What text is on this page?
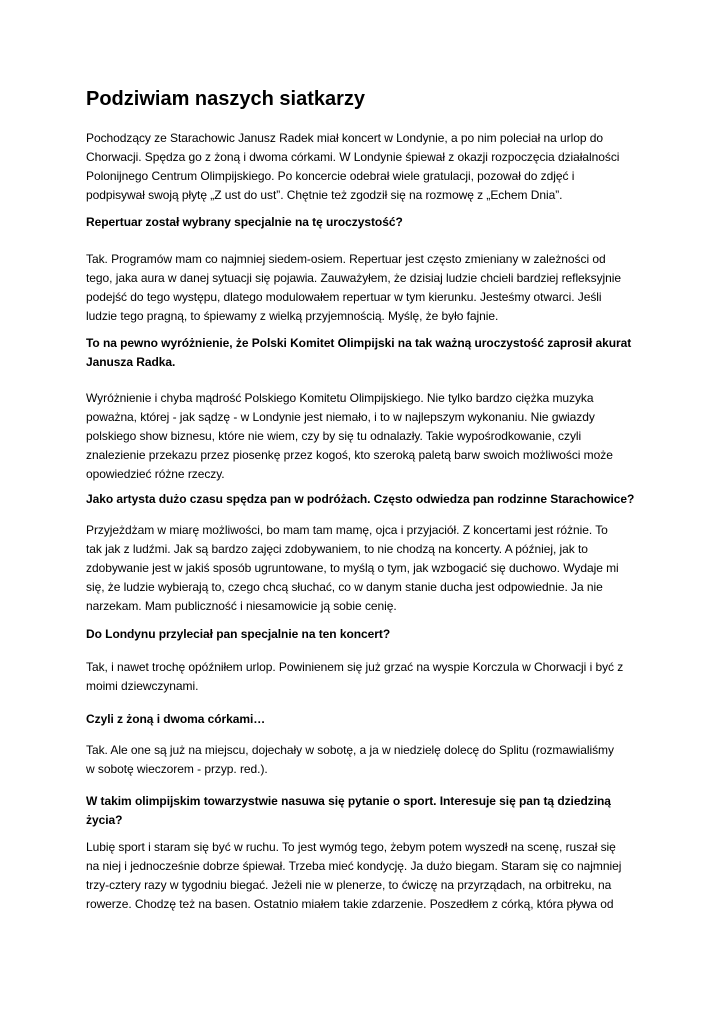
Podziwiam naszych siatkarzy

Pochodzący ze Starachowic Janusz Radek miał koncert w Londynie, a po nim poleciał na urlop do
Chorwacji. Spędza go z żoną i dwoma córkami. W Londynie śpiewał z okazji rozpoczęcia działalności
Polonijnego Centrum Olimpijskiego. Po koncercie odebrał wiele gratulacji, pozował do zdjęć i
podpisywał swoją płytę „Z ust do ust”. Chętnie też zgodził się na rozmowę z „Echem Dnia”.

Repertuar został wybrany specjalnie na tę uroczystość?

Tak. Programów mam co najmniej siedem-osiem. Repertuar jest często zmieniany w zależności od
tego, jaka aura w danej sytuacji się pojawia. Zauważyłem, że dzisiaj ludzie chcieli bardziej refleksyjnie
podejść do tego występu, dlatego modulowałem repertuar w tym kierunku. Jesteśmy otwarci. Jeśli
ludzie tego pragną, to śpiewamy z wielką przyjemnością. Myślę, że było fajnie.

To na pewno wyróżnienie, że Polski Komitet Olimpijski na tak ważną uroczystość zaprosił akurat
Janusza Radka.

Wyróżnienie i chyba mądrość Polskiego Komitetu Olimpijskiego. Nie tylko bardzo ciężka muzyka
poważna, której - jak sądzę - w Londynie jest niemało, i to w najlepszym wykonaniu. Nie gwiazdy
polskiego show biznesu, które nie wiem, czy by się tu odnalazły. Takie wypośrodkowanie, czyli
znalezienie przekazu przez piosenkę przez kogoś, kto szeroką paletą barw swoich możliwości może
opowiedzieć różne rzeczy.

Jako artysta dużo czasu spędza pan w podróżach. Często odwiedza pan rodzinne Starachowice?

Przyjeżdżam w miarę możliwości, bo mam tam mamę, ojca i przyjaciół. Z koncertami jest różnie. To
tak jak z ludźmi. Jak są bardzo zajęci zdobywaniem, to nie chodzą na koncerty. A później, jak to
zdobywanie jest w jakiś sposób ugruntowane, to myślą o tym, jak wzbogacić się duchowo. Wydaje mi
się, że ludzie wybierają to, czego chcą słuchać, co w danym stanie ducha jest odpowiednie. Ja nie
narzekam. Mam publiczność i niesamowicie ją sobie cenię.

Do Londynu przyleciał pan specjalnie na ten koncert?

Tak, i nawet trochę opóźniłem urlop. Powinienem się już grzać na wyspie Korczula w Chorwacji i być z
moimi dziewczynami.

Czyli z żoną i dwoma córkami…

Tak. Ale one są już na miejscu, dojechały w sobotę, a ja w niedzielę dolecę do Splitu (rozmawialiśmy
w sobotę wieczorem - przyp. red.).

W takim olimpijskim towarzystwie nasuwa się pytanie o sport. Interesuje się pan tą dziedziną
życia?

Lubię sport i staram się być w ruchu. To jest wymóg tego, żebym potem wyszedł na scenę, ruszał się
na niej i jednocześnie dobrze śpiewał. Trzeba mieć kondycję. Ja dużo biegam. Staram się co najmniej
trzy-cztery razy w tygodniu biegać. Jeżeli nie w plenerze, to ćwiczę na przyrządach, na orbitreku, na
rowerze. Chodzę też na basen. Ostatnio miałem takie zdarzenie. Poszedłem z córką, która pływa od
